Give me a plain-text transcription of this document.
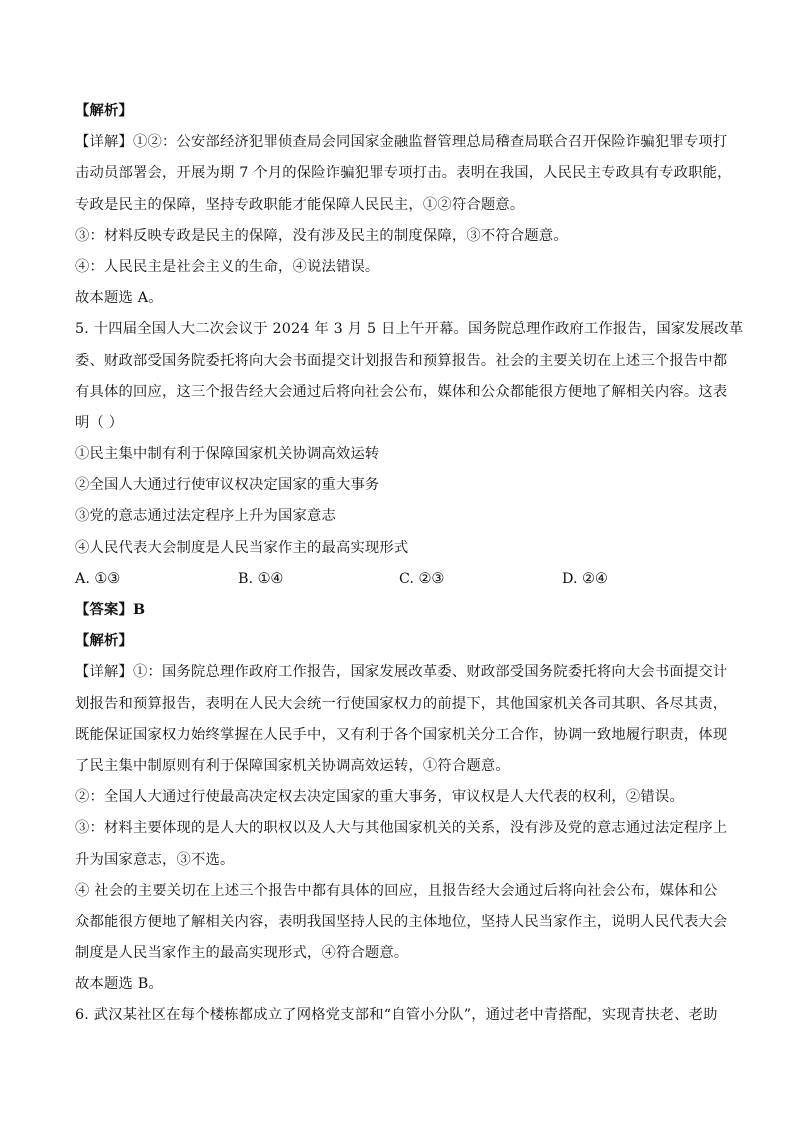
【解析】
【详解】①②：公安部经济犯罪侦查局会同国家金融监督管理总局稽查局联合召开保险诈骗犯罪专项打
击动员部署会，开展为期 7 个月的保险诈骗犯罪专项打击。表明在我国，人民民主专政具有专政职能，
专政是民主的保障，坚持专政职能才能保障人民民主，①②符合题意。
③：材料反映专政是民主的保障，没有涉及民主的制度保障，③不符合题意。
④：人民民主是社会主义的生命，④说法错误。
故本题选 A。
5. 十四届全国人大二次会议于 2024 年 3 月 5 日上午开幕。国务院总理作政府工作报告，国家发展改革
委、财政部受国务院委托将向大会书面提交计划报告和预算报告。社会的主要关切在上述三个报告中都
有具体的回应，这三个报告经大会通过后将向社会公布，媒体和公众都能很方便地了解相关内容。这表
明（ ）
①民主集中制有利于保障国家机关协调高效运转
②全国人大通过行使审议权决定国家的重大事务
③党的意志通过法定程序上升为国家意志
④人民代表大会制度是人民当家作主的最高实现形式
A. ①③	B. ①④	C. ②③	D. ②④
【答案】B
【解析】
【详解】①：国务院总理作政府工作报告，国家发展改革委、财政部受国务院委托将向大会书面提交计
划报告和预算报告，表明在人民大会统一行使国家权力的前提下，其他国家机关各司其职、各尽其责，
既能保证国家权力始终掌握在人民手中，又有利于各个国家机关分工合作，协调一致地履行职责，体现
了民主集中制原则有利于保障国家机关协调高效运转，①符合题意。
②：全国人大通过行使最高决定权去决定国家的重大事务，审议权是人大代表的权利，②错误。
③：材料主要体现的是人大的职权以及人大与其他国家机关的关系，没有涉及党的意志通过法定程序上
升为国家意志，③不选。
④ 社会的主要关切在上述三个报告中都有具体的回应，且报告经大会通过后将向社会公布，媒体和公
众都能很方便地了解相关内容，表明我国坚持人民的主体地位，坚持人民当家作主，说明人民代表大会
制度是人民当家作主的最高实现形式，④符合题意。
故本题选 B。
6. 武汉某社区在每个楼栋都成立了网格党支部和“自管小分队”，通过老中青搭配，实现青扶老、老助
